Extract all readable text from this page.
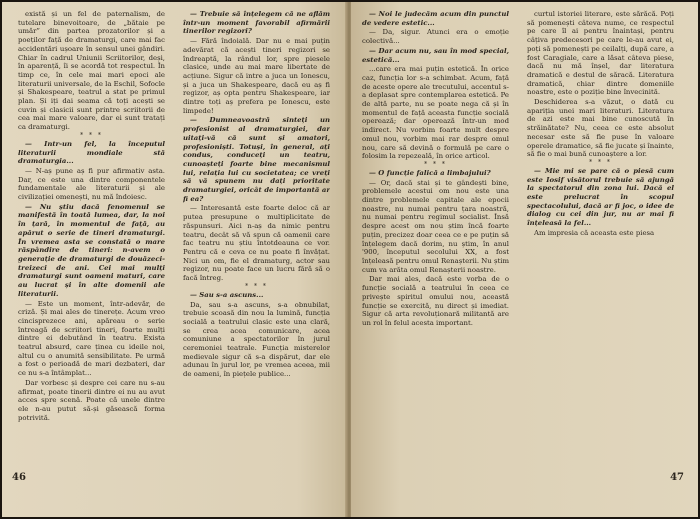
există și un fel de paternalism, de tutelare binevoitoare, de „bătaie pe umăr” din partea prozatorilor și a poeților față de dramaturgi, care mai fac accidentări ușoare în sensul unei gândiri. Chiar în cadrul Uniunii Scriitorilor, deși, în aparență, îi se acordă tot respectul. În timp ce, în cele mai mari epoci ale literaturii universale, de la Eschil, Sofocle și Shakespeare, teatrul a stat pe primul plan. Și iți dai seama că toți acești se cuvin și clasicii sunt printre scriitorii de cea mai mare valoare, dar ei sunt tratați ca dramaturgi.

* * *

— Intr-un fel, la începutul literaturii mondiale stă dramaturgia...

— N-aș pune aș fi pur afirmativ asta. Dar, ce este una dintre componentele fundamentale ale literaturii și ale civilizației omenești, nu mă îndoiesc.

— Nu știu dacă fenomenul se manifestă în toată lumea, dar, la noi în țară, în momentul de față, au apărut o serie de tineri dramaturgi. În vremea asta se constată o mare răspândire de tineri: n-avem o generație de dramaturgi de douăzeci-treizeci de ani. Cei mai mulți dramaturgi sunt oameni maturi, care au lucrat și în alte domenii ale literaturii.

— Este un moment, într-adevăr, de criză. Și mai ales de tinerețe. Acum vreo cincisprezece ani, apăreau o serie întreagă de scriitori tineri, foarte mulți dintre ei debutând în teatru. Exista teatrul absurd, care ținea cu ideile noi, altul cu o anumită sensibilitate. Pe urmă a fost o perioadă de mari dezbateri, dar ce nu s-a întâmplat...

Dar vorbesc și despre cei care nu s-au afirmat, poate tinerii dintre ei nu au avut acces spre scenă. Poate că unele dintre ele n-au putut să-și găsească forma potrivită.

— Trebuie să înțelegem că ne aflăm într-un moment favorabil afirmării tinerilor regizori?

— Fără îndoială. Dar nu e mai puțin adevărat că acești tineri regizori se îndreaptă, la rândul lor, spre piesele clasice, unde au mai mare libertate de acțiune. Sigur că intre a juca un Ionescu, și a juca un Shakespeare, dacă eu aș fi regizor, aș opta pentru Shakespeare, iar dintre toți aș prefera pe Ionescu, este limpede!

— Dumneavoastră sinteți un profesionist al dramaturgiei, dar uitați-vă că sunt și amatori, profesioniști. Totuși, în general, ați condus, conduceți un teatru, cunoașteți foarte bine mecanismul lui, relația lui cu societatea; ce vreți să vă spunem nu dați prioritate dramaturgiei, oricât de importantă ar fi ea?

— Interesantă este foarte deloc că ar putea presupune o multiplicitate de răspunsuri. Aici n-aș da nimic pentru teatru, decât să vă spun că oamenii care fac teatru nu știu întotdeauna ce vor. Pentru că e ceva ce nu poate fi învățat. Nici un om, fie el dramaturg, actor sau regizor, nu poate face un lucru fără să o facă întreg.

* * *

— Sau s-a ascuns...

Da, sau s-a ascuns, s-a obnubilat, trebuie scoasă din nou la lumină, funcția socială a teatrului clasic este una clară, se crea acea comunicare, acea comuniune a spectatorilor în jurul ceremoniei teatrale. Funcția misterelor medievale sigur că s-a dispărut, dar ele adunau în jurul lor, pe vremea aceea, mii de oameni, în piețele publice...

46

— Noi le judecăm acum din punctul de vedere estetic...

— Da, sigur. Atunci era o emoție colectivă...

— Dar acum nu, sau în mod special, estetică...

...care era mai puțin estetică. În orice caz, funcția lor s-a schimbat. Acum, față de aceste opere ale trecutului, accentul s-a deplasat spre contemplarea estetică. Pe de altă parte, nu se poate nega că și în momentul de față aceasta funcție socială operează; dar operează într-un mod indirect. Nu vorbim foarte mult despre omul nou, vorbim mai rar despre omul nou, care să devină o formulă pe care o folosim la repezeală, în orice articol.

* * *

— O funcție falică a limbajului?

— Or, dacă stai și te gândești bine, problemele acestui om nou este una dintre problemele capitale ale epocii noastre, nu numai pentru țara noastră, nu numai pentru regimul socialist. Însă despre acest om nou știm încă foarte puțin, precizez doar ceea ce e pe puțin să înțelegem dacă dorim, nu știm, în anul '900, începutul secolului XX, a fost înțeleasă pentru omul Renașterii. Nu știm cum va arăta omul Renașterii noastre.

Dar mai ales, dacă este vorba de o funcție socială a teatrului în ceea ce privește spiritul omului nou, această funcție se exercită, nu direct și imediat. Sigur că arta revoluționară militantă are un rol în felul acesta important.

curtul istoriei literare, este sărăcă. Poți să pomenești câteva nume, ce respectul pe care îl ai pentru înaintași, pentru câțiva predecesori pe care le-au avut ei, poți să pomenești pe ceilalți, după care, a fost Caragiale, care a lăsat câteva piese, dacă nu mă înșel, dar literatura dramatică e destul de săracă. Literatura dramatică, chiar dintre domeniile noastre, este o poziție bine învecinită.

Deschiderea s-a văzut, o dată cu apariția unei mari literaturi. Literatura de azi este mai bine cunoscută în străinătate? Nu, ceea ce este absolut necesar este să fie puse în valoare operele dramatice, să fie jucate și înainte, să fie o mai bună cunoaștere a lor.

* * *

— Mie mi se pare că o piesă cum este Iosif visătorul trebuie să ajungă la spectatorul din zona lui. Dacă el este prelucrat în scopul spectacolului, dacă ar fi joc, o idee de dialog cu cei din jur, nu ar mai fi înțeleasă la fel...

Am impresia că aceasta este piesa

47
